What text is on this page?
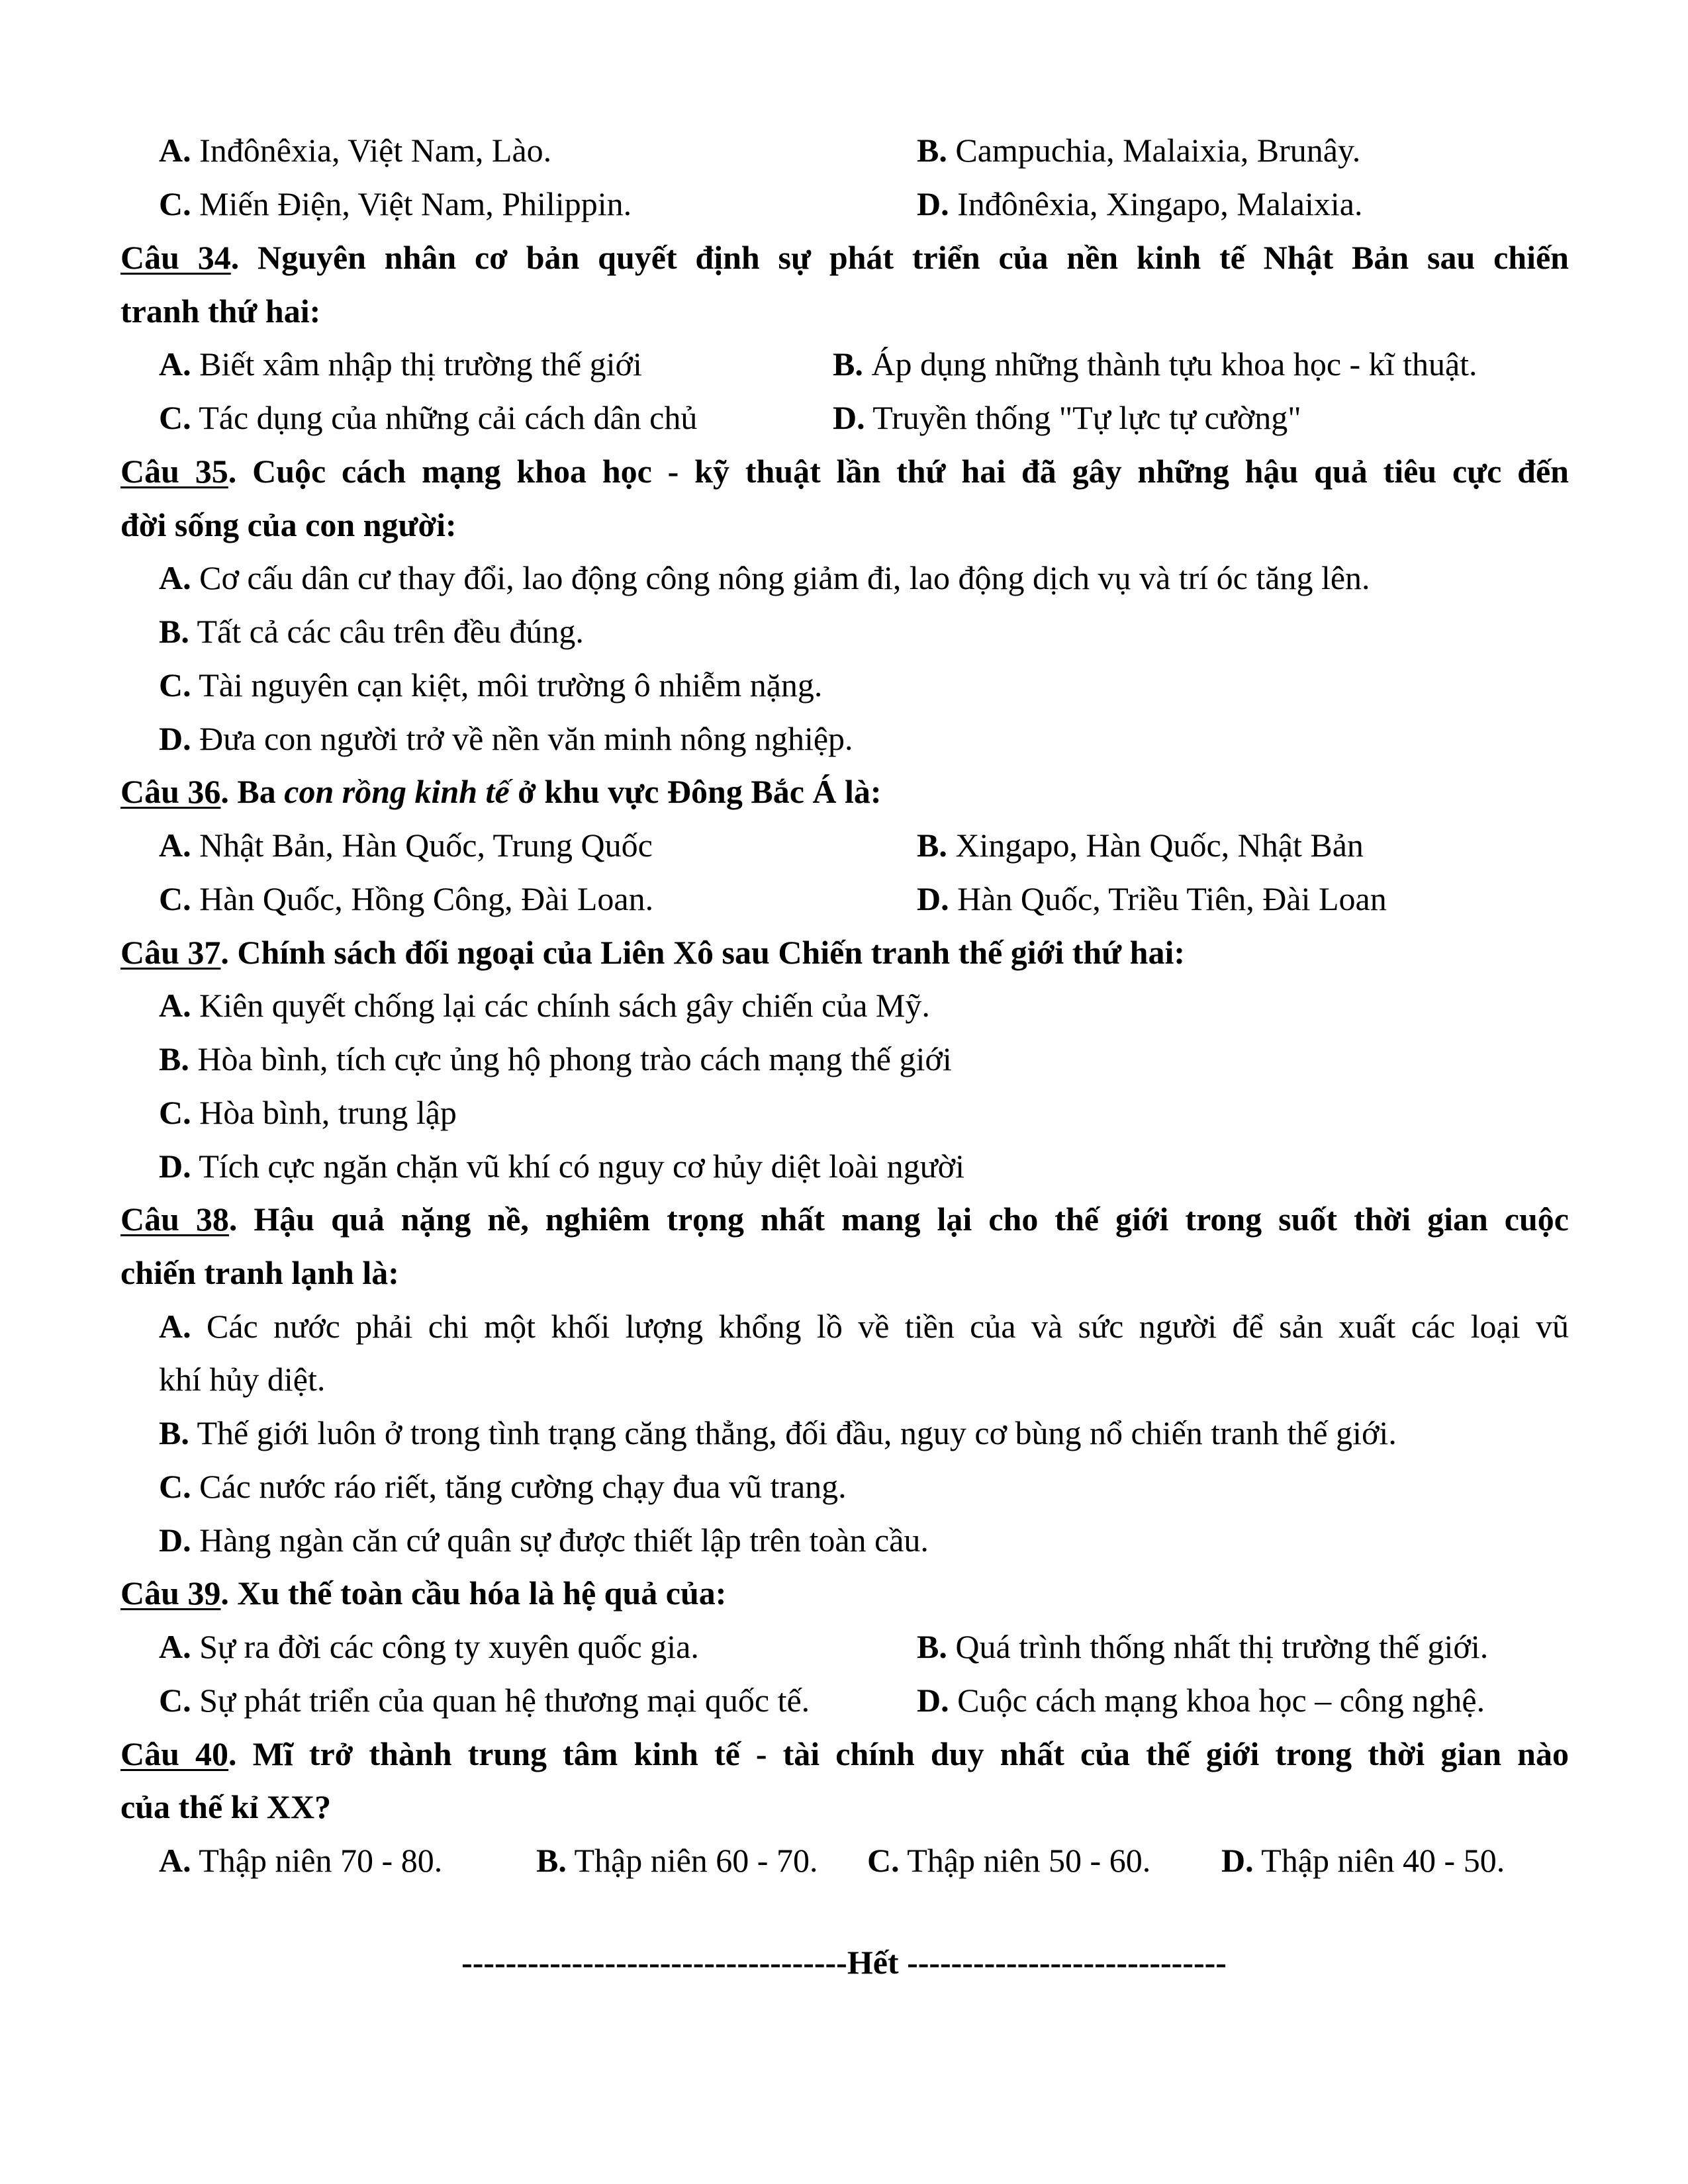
A. Inđônêxia, Việt Nam, Lào.	B. Campuchia, Malaixia, Brunây.
C. Miến Điện, Việt Nam, Philippin.	D. Inđônêxia, Xingapo, Malaixia.
Câu 34. Nguyên nhân cơ bản quyết định sự phát triển của nền kinh tế Nhật Bản sau chiến
tranh thứ hai:
A. Biết xâm nhập thị trường thế giới	B. Áp dụng những thành tựu khoa học - kĩ thuật.
C. Tác dụng của những cải cách dân chủ	D. Truyền thống "Tự lực tự cường"
Câu 35. Cuộc cách mạng khoa học - kỹ thuật lần thứ hai đã gây những hậu quả tiêu cực đến
đời sống của con người:
A. Cơ cấu dân cư thay đổi, lao động công nông giảm đi, lao động dịch vụ và trí óc tăng lên.
B. Tất cả các câu trên đều đúng.
C. Tài nguyên cạn kiệt, môi trường ô nhiễm nặng.
D. Đưa con người trở về nền văn minh nông nghiệp.
Câu 36. Ba con rồng kinh tế ở khu vực Đông Bắc Á là:
A. Nhật Bản, Hàn Quốc, Trung Quốc	B. Xingapo, Hàn Quốc, Nhật Bản
C. Hàn Quốc, Hồng Công, Đài Loan.	D. Hàn Quốc, Triều Tiên, Đài Loan
Câu 37. Chính sách đối ngoại của Liên Xô sau Chiến tranh thế giới thứ hai:
A. Kiên quyết chống lại các chính sách gây chiến của Mỹ.
B. Hòa bình, tích cực ủng hộ phong trào cách mạng thế giới
C. Hòa bình, trung lập
D. Tích cực ngăn chặn vũ khí có nguy cơ hủy diệt loài người
Câu 38. Hậu quả nặng nề, nghiêm trọng nhất mang lại cho thế giới trong suốt thời gian cuộc
chiến tranh lạnh là:
A. Các nước phải chi một khối lượng khổng lồ về tiền của và sức người để sản xuất các loại vũ
khí hủy diệt.
B. Thế giới luôn ở trong tình trạng căng thẳng, đối đầu, nguy cơ bùng nổ chiến tranh thế giới.
C. Các nước ráo riết, tăng cường chạy đua vũ trang.
D. Hàng ngàn căn cứ quân sự được thiết lập trên toàn cầu.
Câu 39. Xu thế toàn cầu hóa là hệ quả của:
A. Sự ra đời các công ty xuyên quốc gia.	B. Quá trình thống nhất thị trường thế giới.
C. Sự phát triển của quan hệ thương mại quốc tế.	D. Cuộc cách mạng khoa học – công nghệ.
Câu 40. Mĩ trở thành trung tâm kinh tế - tài chính duy nhất của thế giới trong thời gian nào
của thế kỉ XX?
A. Thập niên 70 - 80.	B. Thập niên 60 - 70. C. Thập niên 50 - 60. D. Thập niên 40 - 50.
-----------------------------------Hết -----------------------------
